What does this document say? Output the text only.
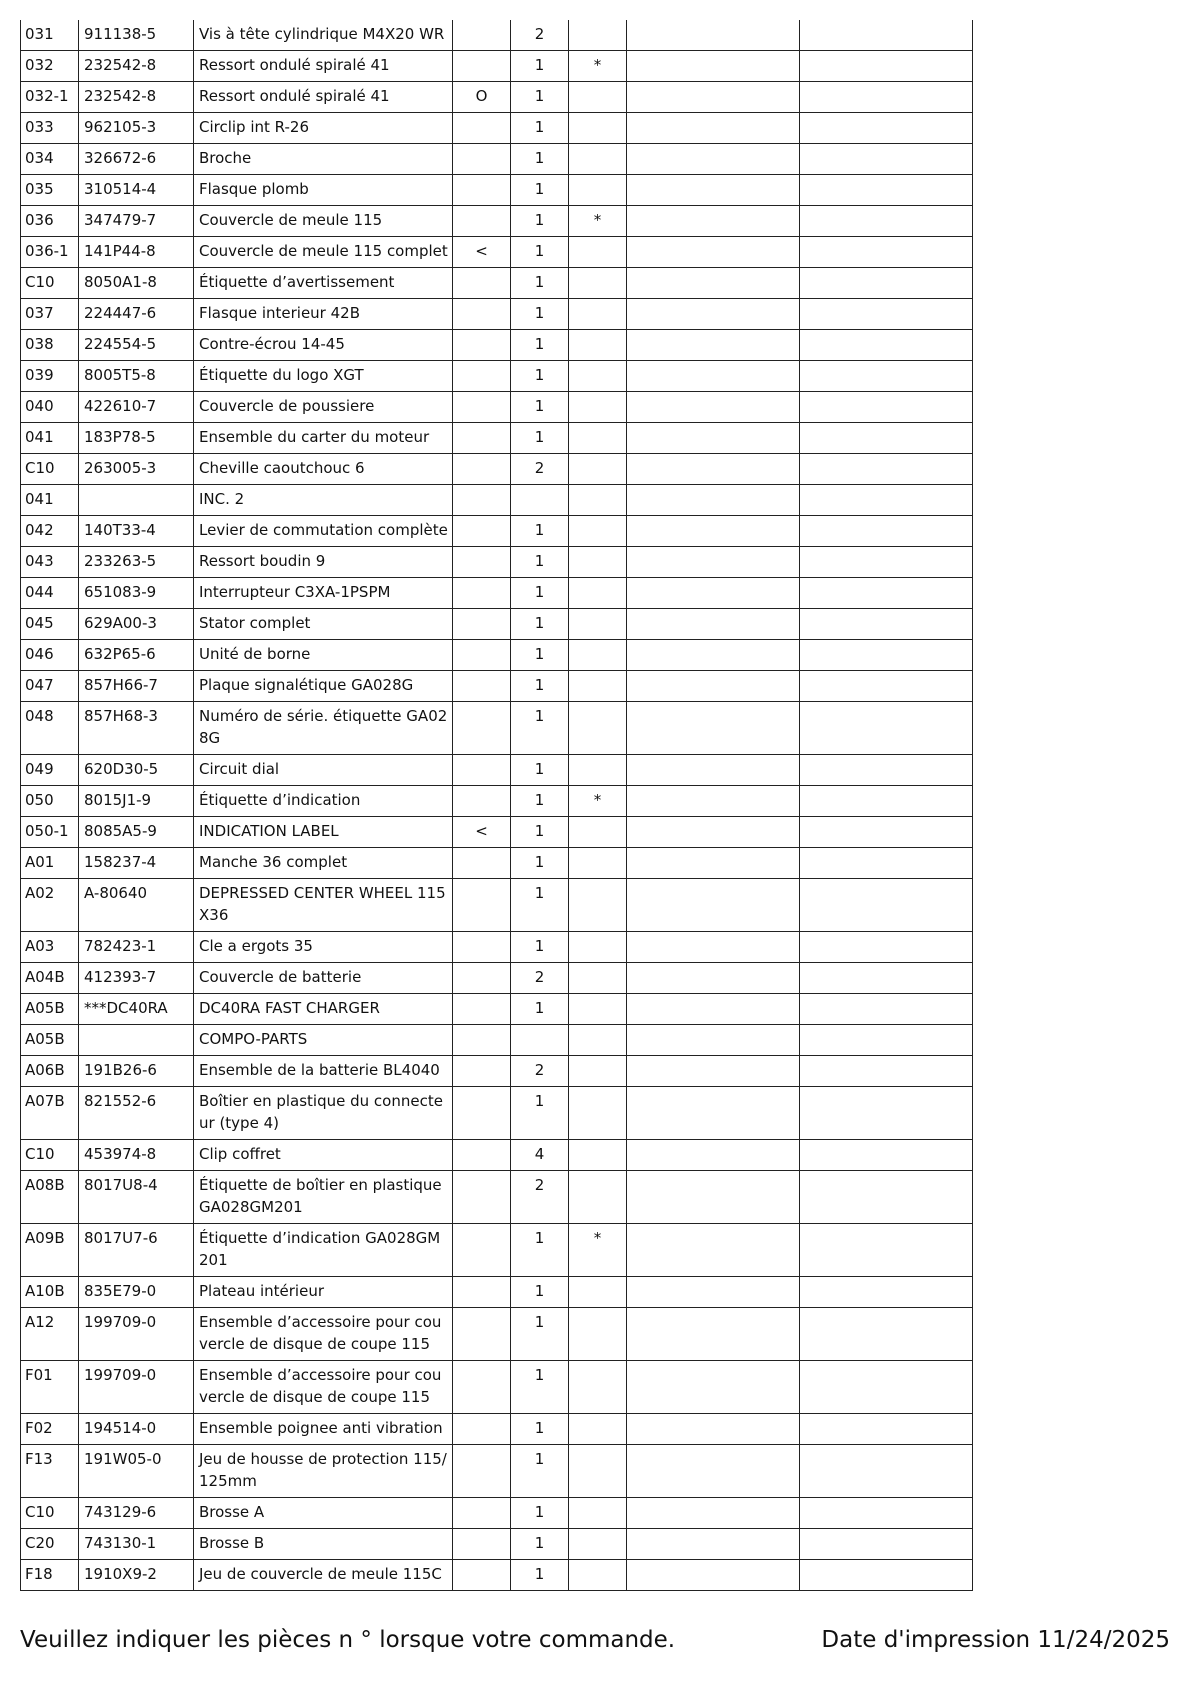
031	911138-5	Vis à tête cylindrique M4X20 WR		2			
032	232542-8	Ressort ondulé spiralé 41		1	*		
032-1	232542-8	Ressort ondulé spiralé 41	O	1			
033	962105-3	Circlip int R-26		1			
034	326672-6	Broche		1			
035	310514-4	Flasque plomb		1			
036	347479-7	Couvercle de meule 115		1	*		
036-1	141P44-8	Couvercle de meule 115 complet	<	1			
C10	8050A1-8	Étiquette d’avertissement		1			
037	224447-6	Flasque interieur 42B		1			
038	224554-5	Contre-écrou 14-45		1			
039	8005T5-8	Étiquette du logo XGT		1			
040	422610-7	Couvercle de poussiere		1			
041	183P78-5	Ensemble du carter du moteur		1			
C10	263005-3	Cheville caoutchouc 6		2			
041		INC. 2					
042	140T33-4	Levier de commutation complète		1			
043	233263-5	Ressort boudin 9		1			
044	651083-9	Interrupteur C3XA-1PSPM		1			
045	629A00-3	Stator complet		1			
046	632P65-6	Unité de borne		1			
047	857H66-7	Plaque signalétique GA028G		1			
048	857H68-3	Numéro de série. étiquette GA028G		1			
049	620D30-5	Circuit dial		1			
050	8015J1-9	Étiquette d’indication		1	*		
050-1	8085A5-9	INDICATION LABEL	<	1			
A01	158237-4	Manche 36 complet		1			
A02	A-80640	DEPRESSED CENTER WHEEL 115X36		1			
A03	782423-1	Cle a ergots 35		1			
A04B	412393-7	Couvercle de batterie		2			
A05B	***DC40RA	DC40RA FAST CHARGER		1			
A05B		COMPO-PARTS					
A06B	191B26-6	Ensemble de la batterie BL4040		2			
A07B	821552-6	Boîtier en plastique du connecteur (type 4)		1			
C10	453974-8	Clip coffret		4			
A08B	8017U8-4	Étiquette de boîtier en plastique GA028GM201		2			
A09B	8017U7-6	Étiquette d’indication GA028GM201		1	*		
A10B	835E79-0	Plateau intérieur		1			
A12	199709-0	Ensemble d’accessoire pour couvercle de disque de coupe 115		1			
F01	199709-0	Ensemble d’accessoire pour couvercle de disque de coupe 115		1			
F02	194514-0	Ensemble poignee anti vibration		1			
F13	191W05-0	Jeu de housse de protection 115/125mm		1			
C10	743129-6	Brosse A		1			
C20	743130-1	Brosse B		1			
F18	1910X9-2	Jeu de couvercle de meule 115C		1			
Veuillez indiquer les pièces n ° lorsque votre commande.	Date d'impression 11/24/2025
